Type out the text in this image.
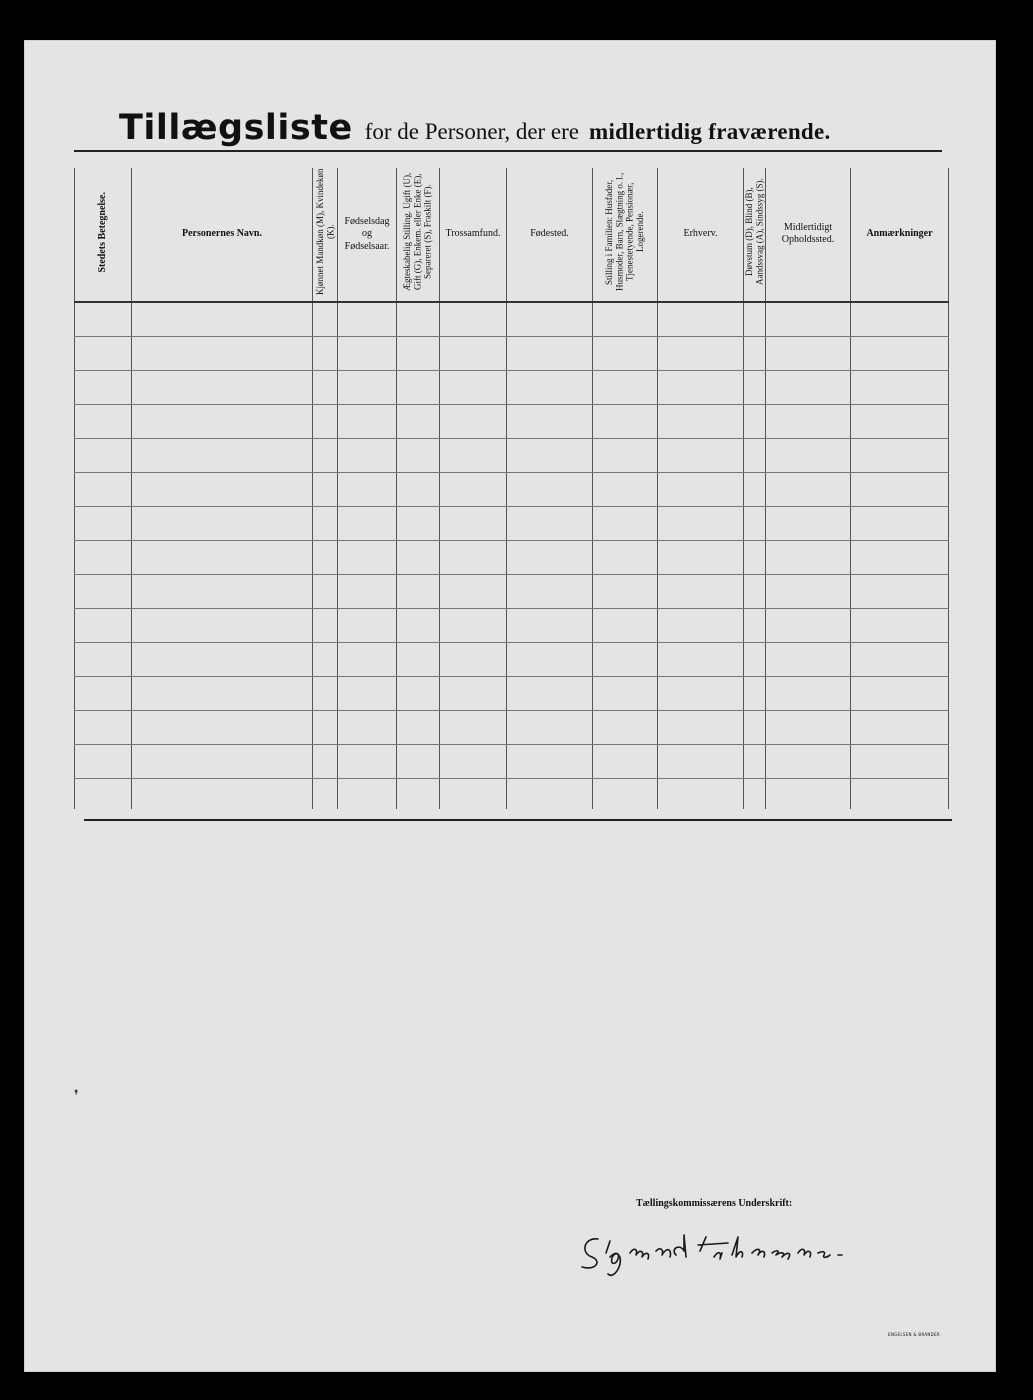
Tillægsliste for de Personer, der ere midlertidig fraværende.
Stedets Betegnelse.	Personernes Navn.	Kjønnet Mandkøn (M), Kvindekøn (K).	Fødselsdag og Fødselsaar.	Ægteskabelig Stilling. Ugift (U), Gift (G), Enkem. eller Enke (E), Separeret (S), Fraskilt (F).	Trossamfund.	Fødested.	Stilling i Familien: Husfader, Husmoder, Barn, Slægtning o. l., Tjenestetyende, Pensionær, Logerende.	Erhverv.	Døvstum (D), Blind (B), Aandssvag (A), Sindssyg (S).	Midlertidigt Opholdssted.	Anmærkninger

❜
Tællingskommissærens Underskrift:
ENGELSEN & BRANDER
